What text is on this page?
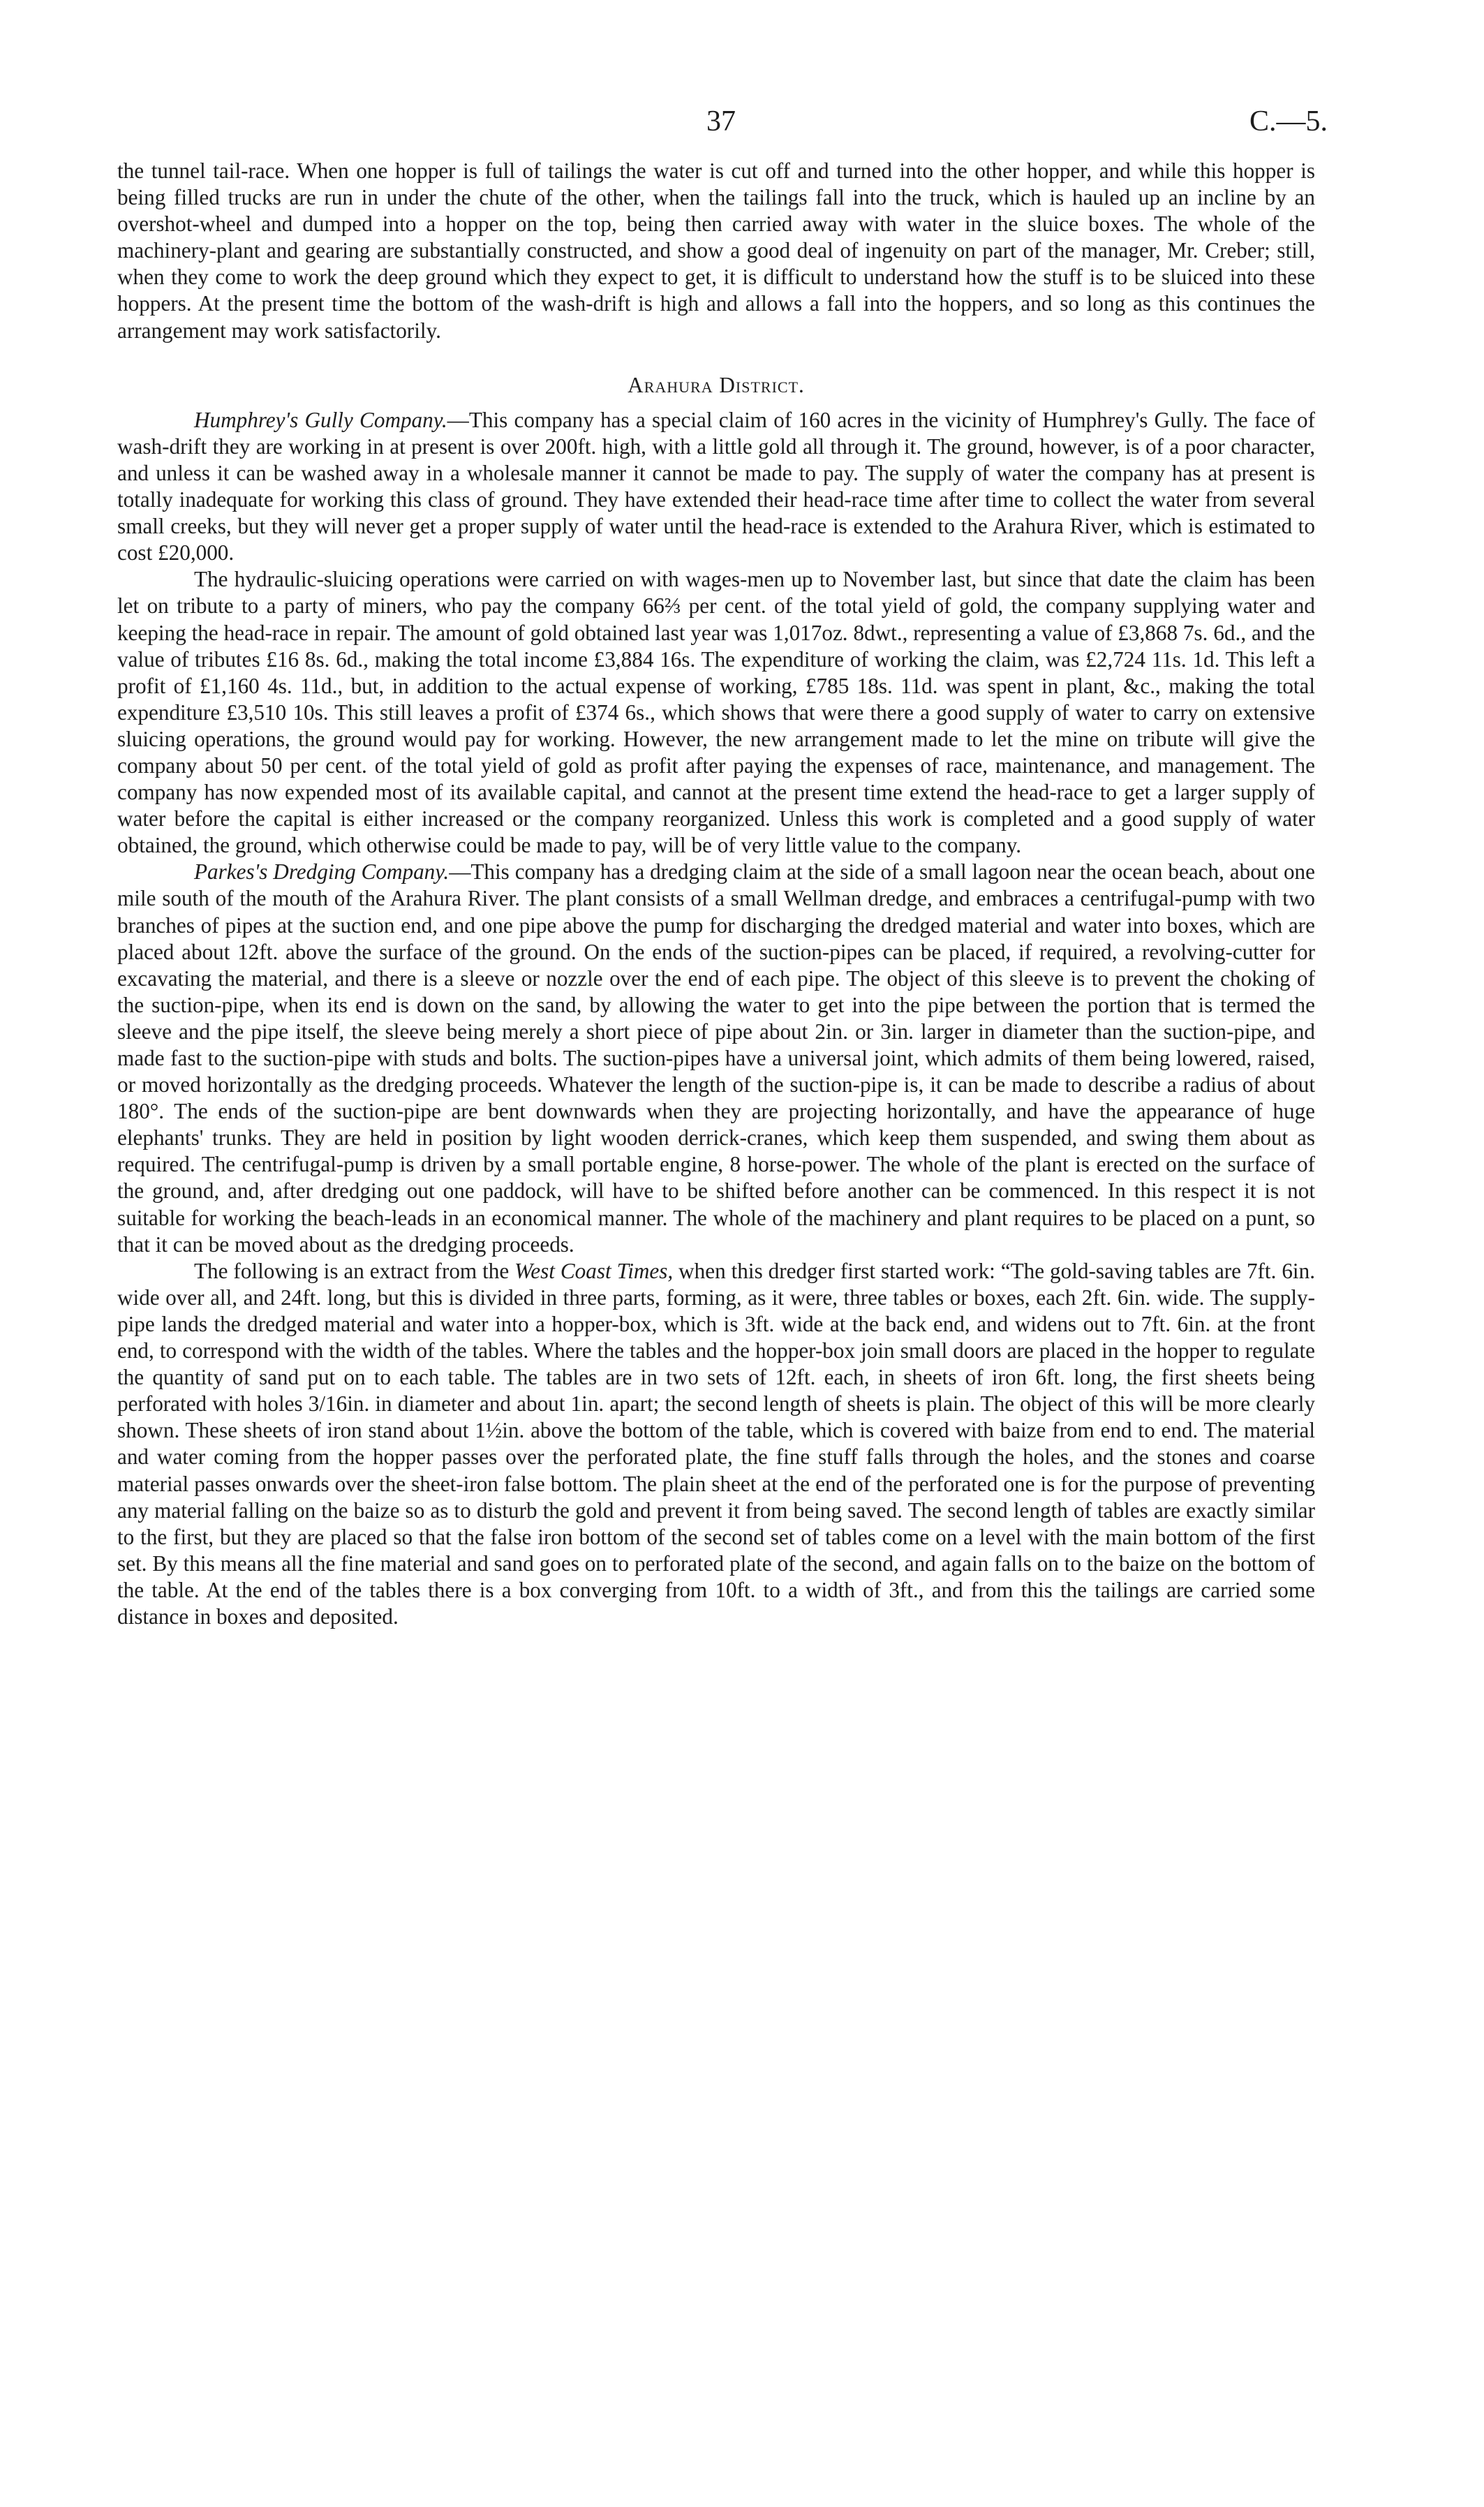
37	C.—5.

the tunnel tail-race. When one hopper is full of tailings the water is cut off and turned into the other hopper, and while this hopper is being filled trucks are run in under the chute of the other, when the tailings fall into the truck, which is hauled up an incline by an overshot-wheel and dumped into a hopper on the top, being then carried away with water in the sluice boxes. The whole of the machinery-plant and gearing are substantially constructed, and show a good deal of ingenuity on part of the manager, Mr. Creber; still, when they come to work the deep ground which they expect to get, it is difficult to understand how the stuff is to be sluiced into these hoppers. At the present time the bottom of the wash-drift is high and allows a fall into the hoppers, and so long as this continues the arrangement may work satisfactorily.

Arahura District.

Humphrey's Gully Company.—This company has a special claim of 160 acres in the vicinity of Humphrey's Gully. The face of wash-drift they are working in at present is over 200ft. high, with a little gold all through it. The ground, however, is of a poor character, and unless it can be washed away in a wholesale manner it cannot be made to pay. The supply of water the company has at present is totally inadequate for working this class of ground. They have extended their head-race time after time to collect the water from several small creeks, but they will never get a proper supply of water until the head-race is extended to the Arahura River, which is estimated to cost £20,000.

The hydraulic-sluicing operations were carried on with wages-men up to November last, but since that date the claim has been let on tribute to a party of miners, who pay the company 66⅔ per cent. of the total yield of gold, the company supplying water and keeping the head-race in repair. The amount of gold obtained last year was 1,017oz. 8dwt., representing a value of £3,868 7s. 6d., and the value of tributes £16 8s. 6d., making the total income £3,884 16s. The expenditure of working the claim, was £2,724 11s. 1d. This left a profit of £1,160 4s. 11d., but, in addition to the actual expense of working, £785 18s. 11d. was spent in plant, &c., making the total expenditure £3,510 10s. This still leaves a profit of £374 6s., which shows that were there a good supply of water to carry on extensive sluicing operations, the ground would pay for working. However, the new arrangement made to let the mine on tribute will give the company about 50 per cent. of the total yield of gold as profit after paying the expenses of race, maintenance, and management. The company has now expended most of its available capital, and cannot at the present time extend the head-race to get a larger supply of water before the capital is either increased or the company reorganized. Unless this work is completed and a good supply of water obtained, the ground, which otherwise could be made to pay, will be of very little value to the company.

Parkes's Dredging Company.—This company has a dredging claim at the side of a small lagoon near the ocean beach, about one mile south of the mouth of the Arahura River. The plant consists of a small Wellman dredge, and embraces a centrifugal-pump with two branches of pipes at the suction end, and one pipe above the pump for discharging the dredged material and water into boxes, which are placed about 12ft. above the surface of the ground. On the ends of the suction-pipes can be placed, if required, a revolving-cutter for excavating the material, and there is a sleeve or nozzle over the end of each pipe. The object of this sleeve is to prevent the choking of the suction-pipe, when its end is down on the sand, by allowing the water to get into the pipe between the portion that is termed the sleeve and the pipe itself, the sleeve being merely a short piece of pipe about 2in. or 3in. larger in diameter than the suction-pipe, and made fast to the suction-pipe with studs and bolts. The suction-pipes have a universal joint, which admits of them being lowered, raised, or moved horizontally as the dredging proceeds. Whatever the length of the suction-pipe is, it can be made to describe a radius of about 180°. The ends of the suction-pipe are bent downwards when they are projecting horizontally, and have the appearance of huge elephants' trunks. They are held in position by light wooden derrick-cranes, which keep them suspended, and swing them about as required. The centrifugal-pump is driven by a small portable engine, 8 horse-power. The whole of the plant is erected on the surface of the ground, and, after dredging out one paddock, will have to be shifted before another can be commenced. In this respect it is not suitable for working the beach-leads in an economical manner. The whole of the machinery and plant requires to be placed on a punt, so that it can be moved about as the dredging proceeds.

The following is an extract from the West Coast Times, when this dredger first started work: “The gold-saving tables are 7ft. 6in. wide over all, and 24ft. long, but this is divided in three parts, forming, as it were, three tables or boxes, each 2ft. 6in. wide. The supply-pipe lands the dredged material and water into a hopper-box, which is 3ft. wide at the back end, and widens out to 7ft. 6in. at the front end, to correspond with the width of the tables. Where the tables and the hopper-box join small doors are placed in the hopper to regulate the quantity of sand put on to each table. The tables are in two sets of 12ft. each, in sheets of iron 6ft. long, the first sheets being perforated with holes 3/16in. in diameter and about 1in. apart; the second length of sheets is plain. The object of this will be more clearly shown. These sheets of iron stand about 1½in. above the bottom of the table, which is covered with baize from end to end. The material and water coming from the hopper passes over the perforated plate, the fine stuff falls through the holes, and the stones and coarse material passes onwards over the sheet-iron false bottom. The plain sheet at the end of the perforated one is for the purpose of preventing any material falling on the baize so as to disturb the gold and prevent it from being saved. The second length of tables are exactly similar to the first, but they are placed so that the false iron bottom of the second set of tables come on a level with the main bottom of the first set. By this means all the fine material and sand goes on to perforated plate of the second, and again falls on to the baize on the bottom of the table. At the end of the tables there is a box converging from 10ft. to a width of 3ft., and from this the tailings are carried some distance in boxes and deposited.
